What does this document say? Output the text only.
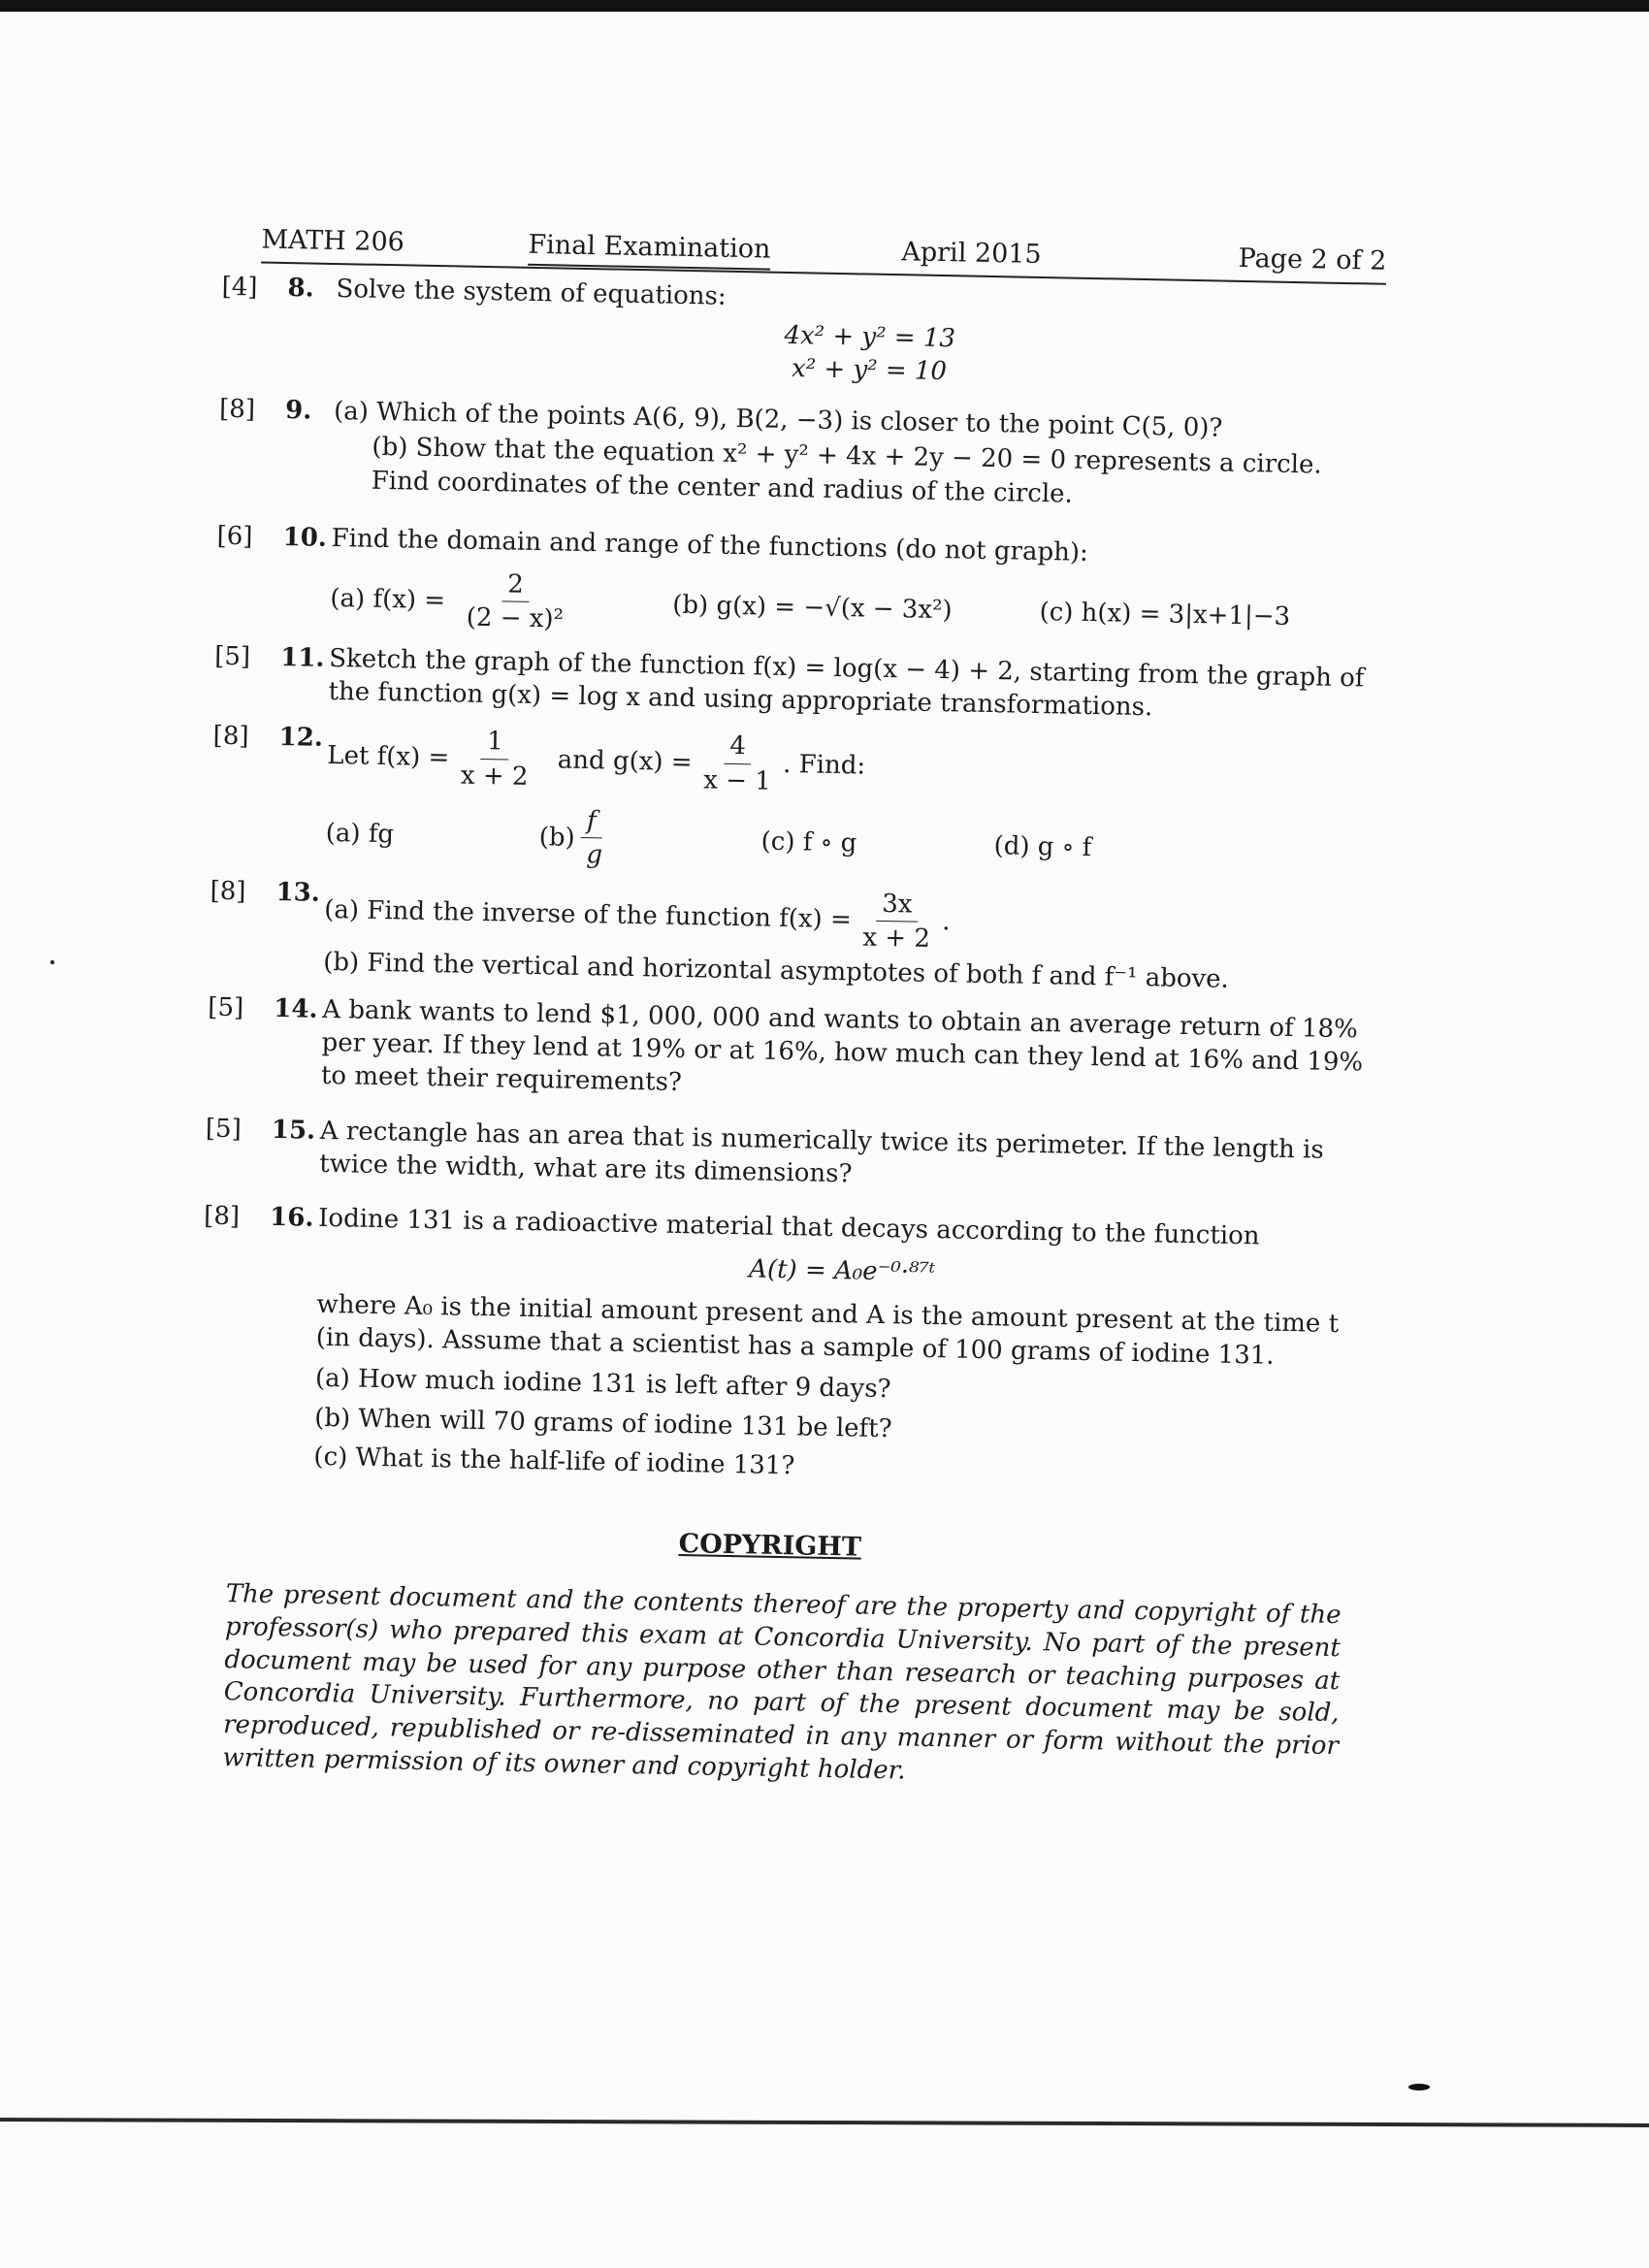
MATH 206	Final Examination	April 2015	Page 2 of 2
[4] 8. Solve the system of equations:
4x² + y² = 13
x² + y² = 10
[8] 9. (a) Which of the points A(6, 9), B(2, −3) is closer to the point C(5, 0)?
(b) Show that the equation x² + y² + 4x + 2y − 20 = 0 represents a circle. Find coordinates of the center and radius of the circle.
[6] 10. Find the domain and range of the functions (do not graph):
(a) $f(x) = \frac{2}{\text{(2 − x)²}}$	(b) g(x) = −√(x − 3x²)	(c) h(x) = 3|x+1|−3
[5] 11. Sketch the graph of the function f(x) = log(x − 4) + 2, starting from the graph of the function g(x) = log x and using appropriate transformations.
[8] 12.
Let $f(x) = \frac{1}{x + 2}$ and $g(x) = \frac{4}{x - 1}$ . Find:
(a) fg	$(b) \frac{f}{g} (c)$ f ∘ g	(d) g ∘ f
[8] 13.
(a) Find the inverse of the function $f(x) = \frac{3x}{x + 2}$ .
(b) Find the vertical and horizontal asymptotes of both f and f⁻¹ above.
[5] 14. A bank wants to lend $1, 000, 000 and wants to obtain an average return of 18% per year. If they lend at 19% or at 16%, how much can they lend at 16% and 19% to meet their requirements?
[5] 15. A rectangle has an area that is numerically twice its perimeter. If the length is twice the width, what are its dimensions?
[8] 16. Iodine 131 is a radioactive material that decays according to the function
A(t) = A₀e⁻⁰·⁸⁷ᵗ
where A₀ is the initial amount present and A is the amount present at the time t (in days). Assume that a scientist has a sample of 100 grams of iodine 131.
(a) How much iodine 131 is left after 9 days?
(b) When will 70 grams of iodine 131 be left?
(c) What is the half-life of iodine 131?
COPYRIGHT
The present document and the contents thereof are the property and copyright of the professor(s) who prepared this exam at Concordia University. No part of the present document may be used for any purpose other than research or teaching purposes at Concordia University. Furthermore, no part of the present document may be sold, reproduced, republished or re-disseminated in any manner or form without the prior written permission of its owner and copyright holder.
